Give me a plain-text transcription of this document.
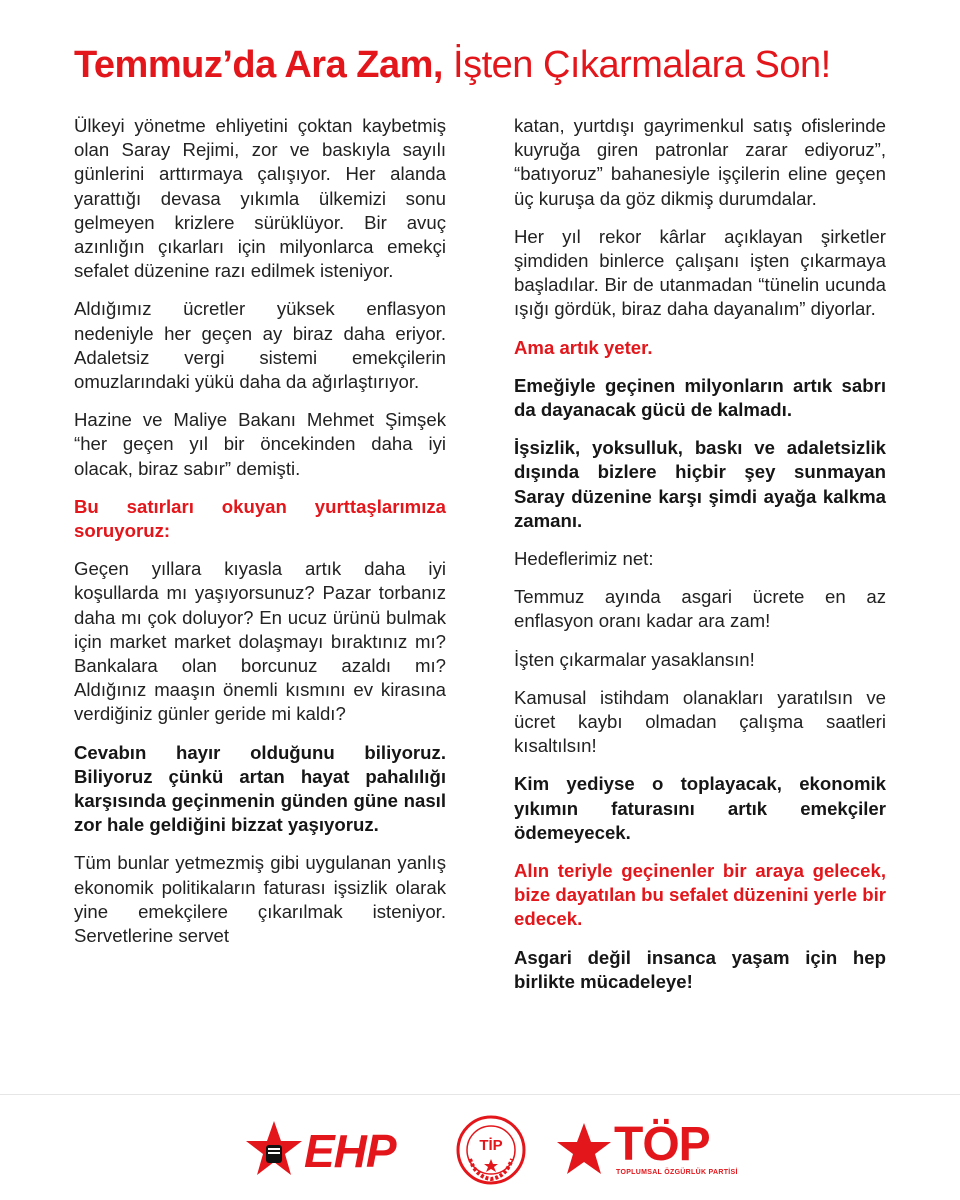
Temmuz’da Ara Zam, İşten Çıkarmalara Son!

Ülkeyi yönetme ehliyetini çoktan kaybetmiş olan Saray Rejimi, zor ve baskıyla sayılı günlerini arttırmaya çalışıyor. Her alanda yarattığı devasa yıkımla ülkemizi sonu gelmeyen krizlere sürüklüyor. Bir avuç azınlığın çıkarları için milyonlarca emekçi sefalet düzenine razı edilmek isteniyor.

Aldığımız ücretler yüksek enflasyon nedeniyle her geçen ay biraz daha eriyor. Adaletsiz vergi sistemi emekçilerin omuzlarındaki yükü daha da ağırlaştırıyor.

Hazine ve Maliye Bakanı Mehmet Şimşek “her geçen yıl bir öncekinden daha iyi olacak, biraz sabır” demişti.

Bu satırları okuyan yurttaşlarımıza soruyoruz:

Geçen yıllara kıyasla artık daha iyi koşullarda mı yaşıyorsunuz? Pazar torbanız daha mı çok doluyor? En ucuz ürünü bulmak için market market dolaşmayı bıraktınız mı? Bankalara olan borcunuz azaldı mı? Aldığınız maaşın önemli kısmını ev kirasına verdiğiniz günler geride mi kaldı?

Cevabın hayır olduğunu biliyoruz. Biliyoruz çünkü artan hayat pahalılığı karşısında geçinmenin günden güne nasıl zor hale geldiğini bizzat yaşıyoruz.

Tüm bunlar yetmezmiş gibi uygulanan yanlış ekonomik politikaların faturası işsizlik olarak yine emekçilere çıkarılmak isteniyor. Servetlerine servet

katan, yurtdışı gayrimenkul satış ofislerinde kuyruğa giren patronlar zarar ediyoruz”, “batıyoruz” bahanesiyle işçilerin eline geçen üç kuruşa da göz dikmiş durumdalar.

Her yıl rekor kârlar açıklayan şirketler şimdiden binlerce çalışanı işten çıkarmaya başladılar. Bir de utanmadan “tünelin ucunda ışığı gördük, biraz daha dayanalım” diyorlar.

Ama artık yeter.

Emeğiyle geçinen milyonların artık sabrı da dayanacak gücü de kalmadı.

İşsizlik, yoksulluk, baskı ve adaletsizlik dışında bizlere hiçbir şey sunmayan Saray düzenine karşı şimdi ayağa kalkma zamanı.

Hedeflerimiz net:

Temmuz ayında asgari ücrete en az enflasyon oranı kadar ara zam!

İşten çıkarmalar yasaklansın!

Kamusal istihdam olanakları yaratılsın ve ücret kaybı olmadan çalışma saatleri kısaltılsın!

Kim yediyse o toplayacak, ekonomik yıkımın faturasını artık emekçiler ödemeyecek.

Alın teriyle geçinenler bir araya gelecek, bize dayatılan bu sefalet düzenini yerle bir edecek.

Asgari değil insanca yaşam için hep birlikte mücadeleye!

EHP	TİP	TÖP
TOPLUMSAL ÖZGÜRLÜK PARTİSİ
